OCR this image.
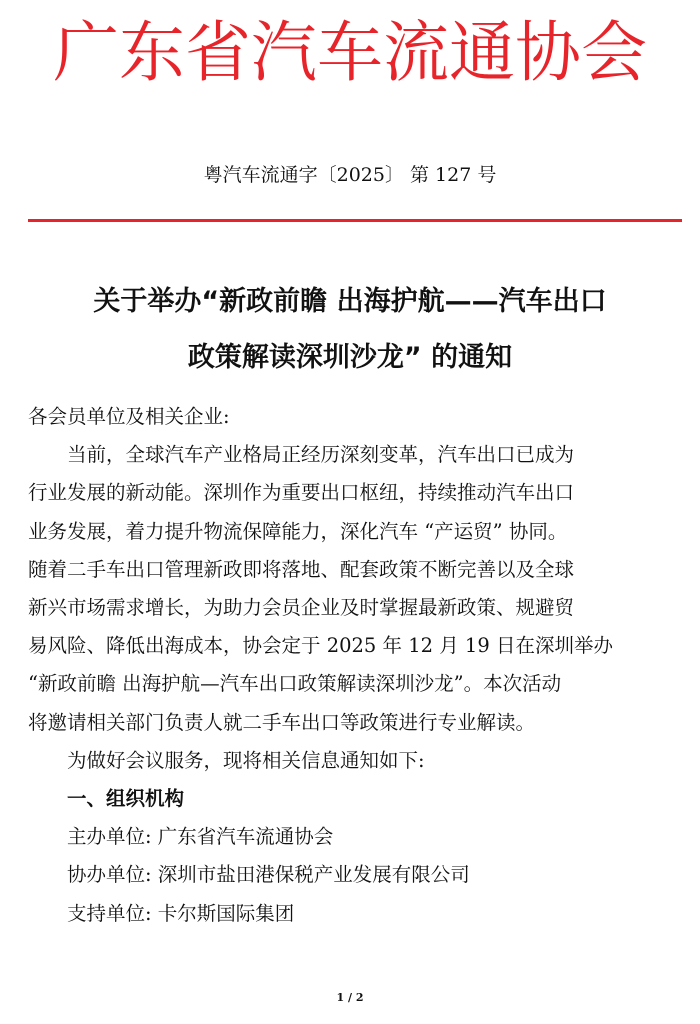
广东省汽车流通协会
粤汽车流通字〔2025〕 第 127 号
关于举办“新政前瞻 出海护航——汽车出口
政策解读深圳沙龙” 的通知

各会员单位及相关企业:

当前，全球汽车产业格局正经历深刻变革，汽车出口已成为

行业发展的新动能。深圳作为重要出口枢纽，持续推动汽车出口

业务发展，着力提升物流保障能力，深化汽车 “产运贸” 协同。

随着二手车出口管理新政即将落地、配套政策不断完善以及全球

新兴市场需求增长，为助力会员企业及时掌握最新政策、规避贸

易风险、降低出海成本，协会定于 2025 年 12 月 19 日在深圳举办

“新政前瞻 出海护航—汽车出口政策解读深圳沙龙”。本次活动

将邀请相关部门负责人就二手车出口等政策进行专业解读。

为做好会议服务，现将相关信息通知如下:

一、组织机构

主办单位: 广东省汽车流通协会

协办单位: 深圳市盐田港保税产业发展有限公司

支持单位: 卡尔斯国际集团

1 / 2
